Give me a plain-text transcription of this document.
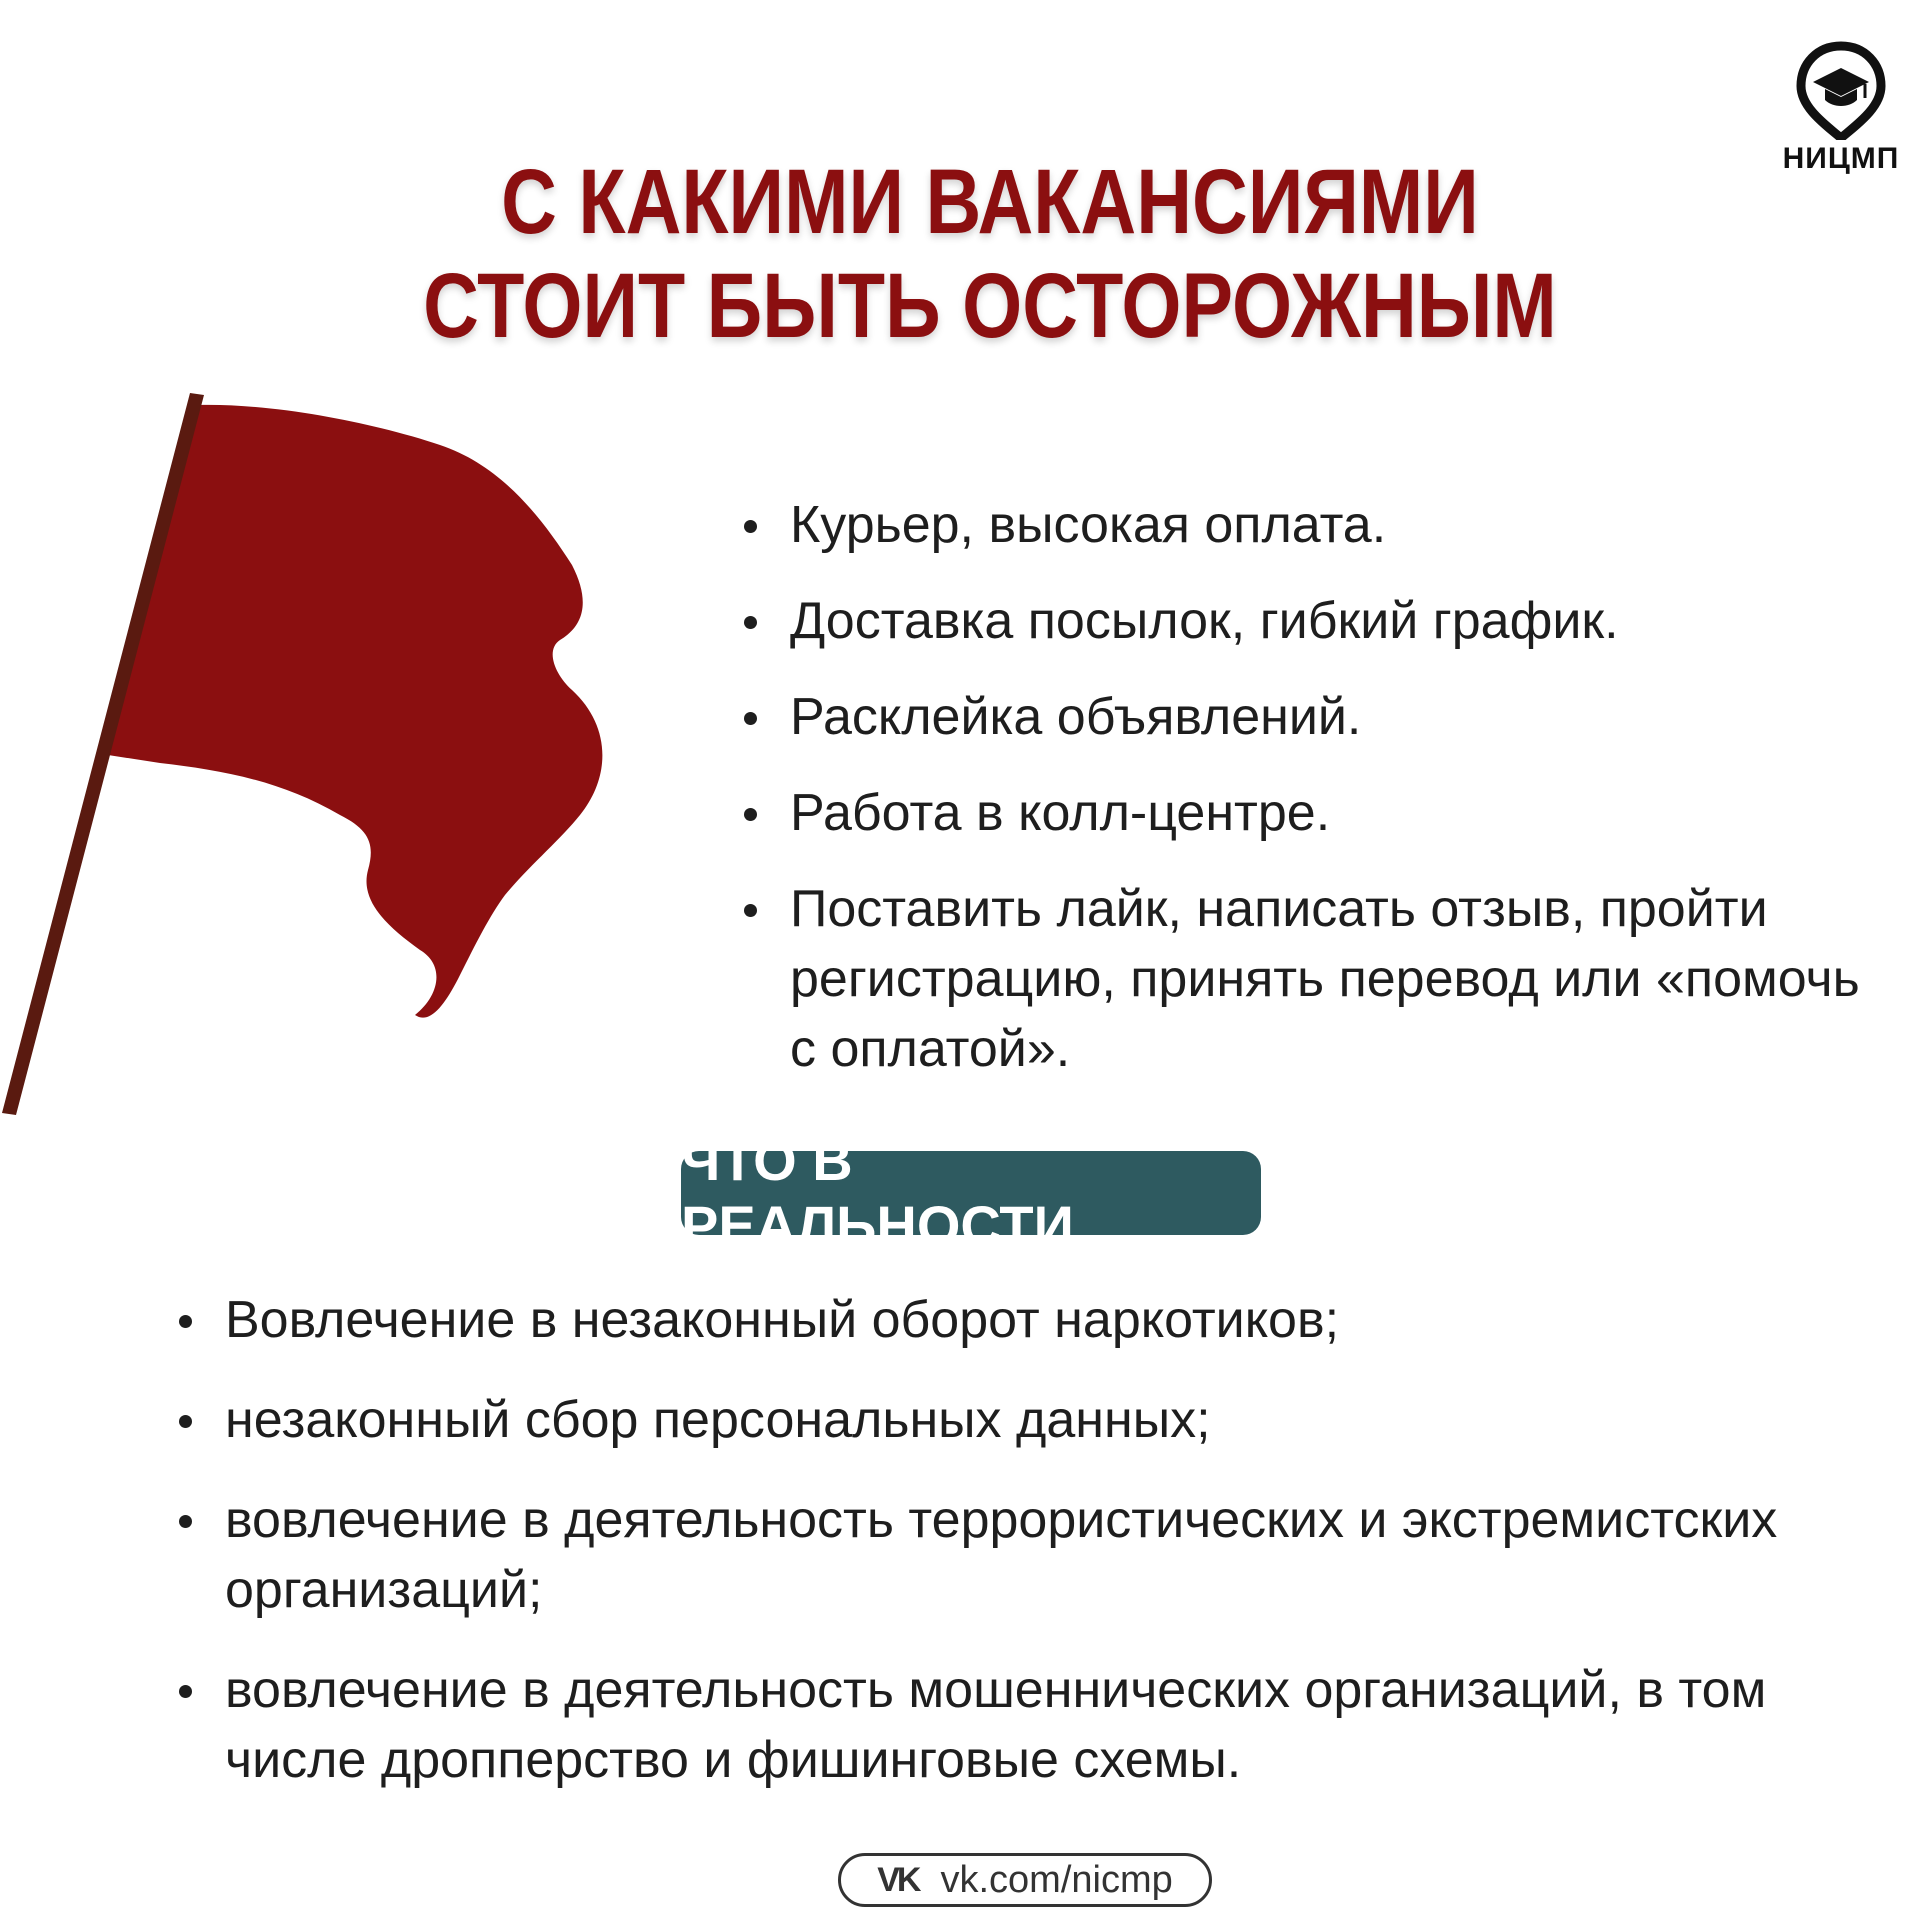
НИЦМП
С КАКИМИ ВАКАНСИЯМИ СТОИТ БЫТЬ ОСТОРОЖНЫМ
Курьер, высокая оплата.
Доставка посылок, гибкий график.
Расклейка объявлений.
Работа в колл-центре.
Поставить лайк, написать отзыв, пройти регистрацию, принять перевод или «помочь с оплатой».
ЧТО В РЕАЛЬНОСТИ
Вовлечение в незаконный оборот наркотиков;
незаконный сбор персональных данных;
вовлечение в деятельность террористических и экстремистских организаций;
вовлечение в деятельность мошеннических организаций, в том числе дропперство и фишинговые схемы.
VK vk.com/nicmp
